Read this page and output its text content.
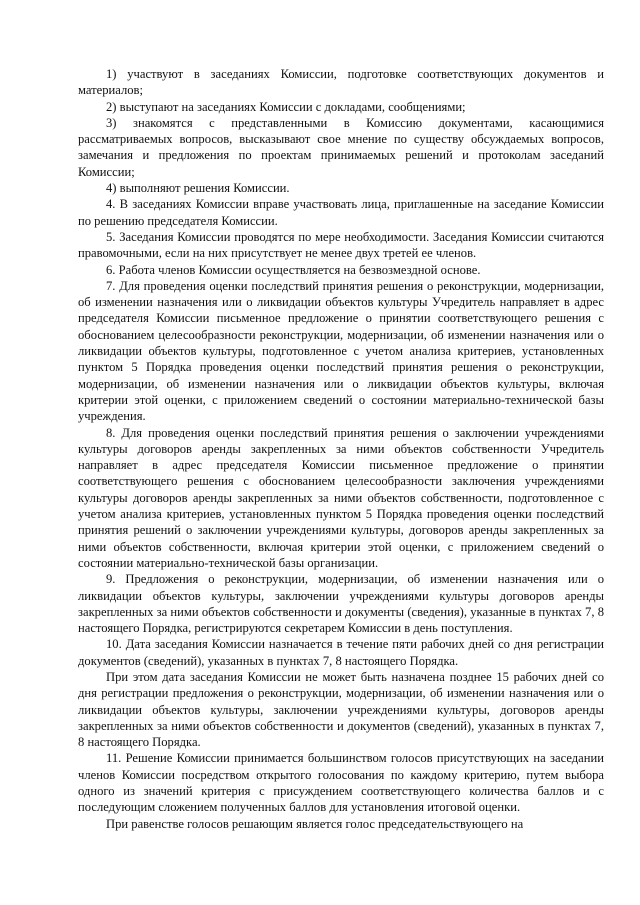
1) участвуют в заседаниях Комиссии, подготовке соответствующих документов и материалов;

2) выступают на заседаниях Комиссии с докладами, сообщениями;

3) знакомятся с представленными в Комиссию документами, касающимися рассматриваемых вопросов, высказывают свое мнение по существу обсуждаемых вопросов, замечания и предложения по проектам принимаемых решений и протоколам заседаний Комиссии;

4) выполняют решения Комиссии.

4. В заседаниях Комиссии вправе участвовать лица, приглашенные на заседание Комиссии по решению председателя Комиссии.

5. Заседания Комиссии проводятся по мере необходимости. Заседания Комиссии считаются правомочными, если на них присутствует не менее двух третей ее членов.

6. Работа членов Комиссии осуществляется на безвозмездной основе.

7. Для проведения оценки последствий принятия решения о реконструкции, модернизации, об изменении назначения или о ликвидации объектов культуры Учредитель направляет в адрес председателя Комиссии письменное предложение о принятии соответствующего решения с обоснованием целесообразности реконструкции, модернизации, об изменении назначения или о ликвидации объектов культуры, подготовленное с учетом анализа критериев, установленных пунктом 5 Порядка проведения оценки последствий принятия решения о реконструкции, модернизации, об изменении назначения или о ликвидации объектов культуры, включая критерии этой оценки, с приложением сведений о состоянии материально-технической базы учреждения.

8. Для проведения оценки последствий принятия решения о заключении учреждениями культуры договоров аренды закрепленных за ними объектов собственности Учредитель направляет в адрес председателя Комиссии письменное предложение о принятии соответствующего решения с обоснованием целесообразности заключения учреждениями культуры договоров аренды закрепленных за ними объектов собственности, подготовленное с учетом анализа критериев, установленных пунктом 5 Порядка проведения оценки последствий принятия решений о заключении учреждениями культуры, договоров аренды закрепленных за ними объектов собственности, включая критерии этой оценки, с приложением сведений о состоянии материально-технической базы организации.

9. Предложения о реконструкции, модернизации, об изменении назначения или о ликвидации объектов культуры, заключении учреждениями культуры договоров аренды закрепленных за ними объектов собственности и документы (сведения), указанные в пунктах 7, 8 настоящего Порядка, регистрируются секретарем Комиссии в день поступления.

10. Дата заседания Комиссии назначается в течение пяти рабочих дней со дня регистрации документов (сведений), указанных в пунктах 7, 8 настоящего Порядка.

При этом дата заседания Комиссии не может быть назначена позднее 15 рабочих дней со дня регистрации предложения о реконструкции, модернизации, об изменении назначения или о ликвидации объектов культуры, заключении учреждениями культуры, договоров аренды закрепленных за ними объектов собственности и документов (сведений), указанных в пунктах 7, 8 настоящего Порядка.

11. Решение Комиссии принимается большинством голосов присутствующих на заседании членов Комиссии посредством открытого голосования по каждому критерию, путем выбора одного из значений критерия с присуждением соответствующего количества баллов и с последующим сложением полученных баллов для установления итоговой оценки.

При равенстве голосов решающим является голос председательствующего на
